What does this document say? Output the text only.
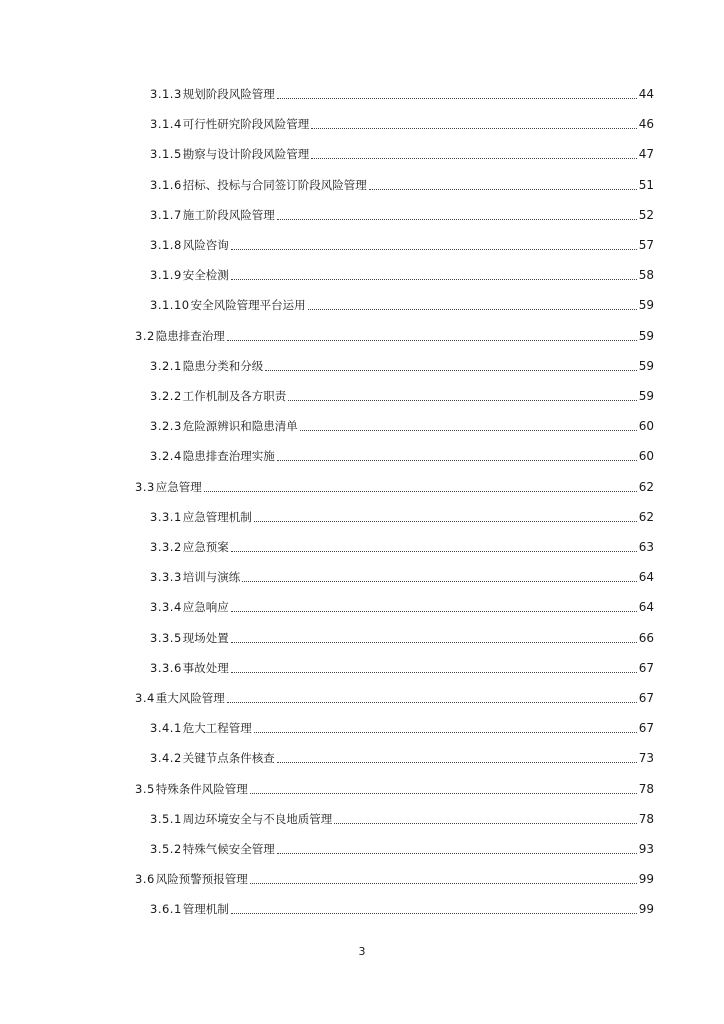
3.1.3 规划阶段风险管理	44
3.1.4 可行性研究阶段风险管理	46
3.1.5 勘察与设计阶段风险管理	47
3.1.6 招标、投标与合同签订阶段风险管理	51
3.1.7 施工阶段风险管理	52
3.1.8 风险咨询	57
3.1.9 安全检测	58
3.1.10 安全风险管理平台运用	59
3.2 隐患排查治理	59
3.2.1 隐患分类和分级	59
3.2.2 工作机制及各方职责	59
3.2.3 危险源辨识和隐患清单	60
3.2.4 隐患排查治理实施	60
3.3 应急管理	62
3.3.1 应急管理机制	62
3.3.2 应急预案	63
3.3.3 培训与演练	64
3.3.4 应急响应	64
3.3.5 现场处置	66
3.3.6 事故处理	67
3.4 重大风险管理	67
3.4.1 危大工程管理	67
3.4.2 关键节点条件核查	73
3.5 特殊条件风险管理	78
3.5.1 周边环境安全与不良地质管理	78
3.5.2 特殊气候安全管理	93
3.6 风险预警预报管理	99
3.6.1 管理机制	99
3
